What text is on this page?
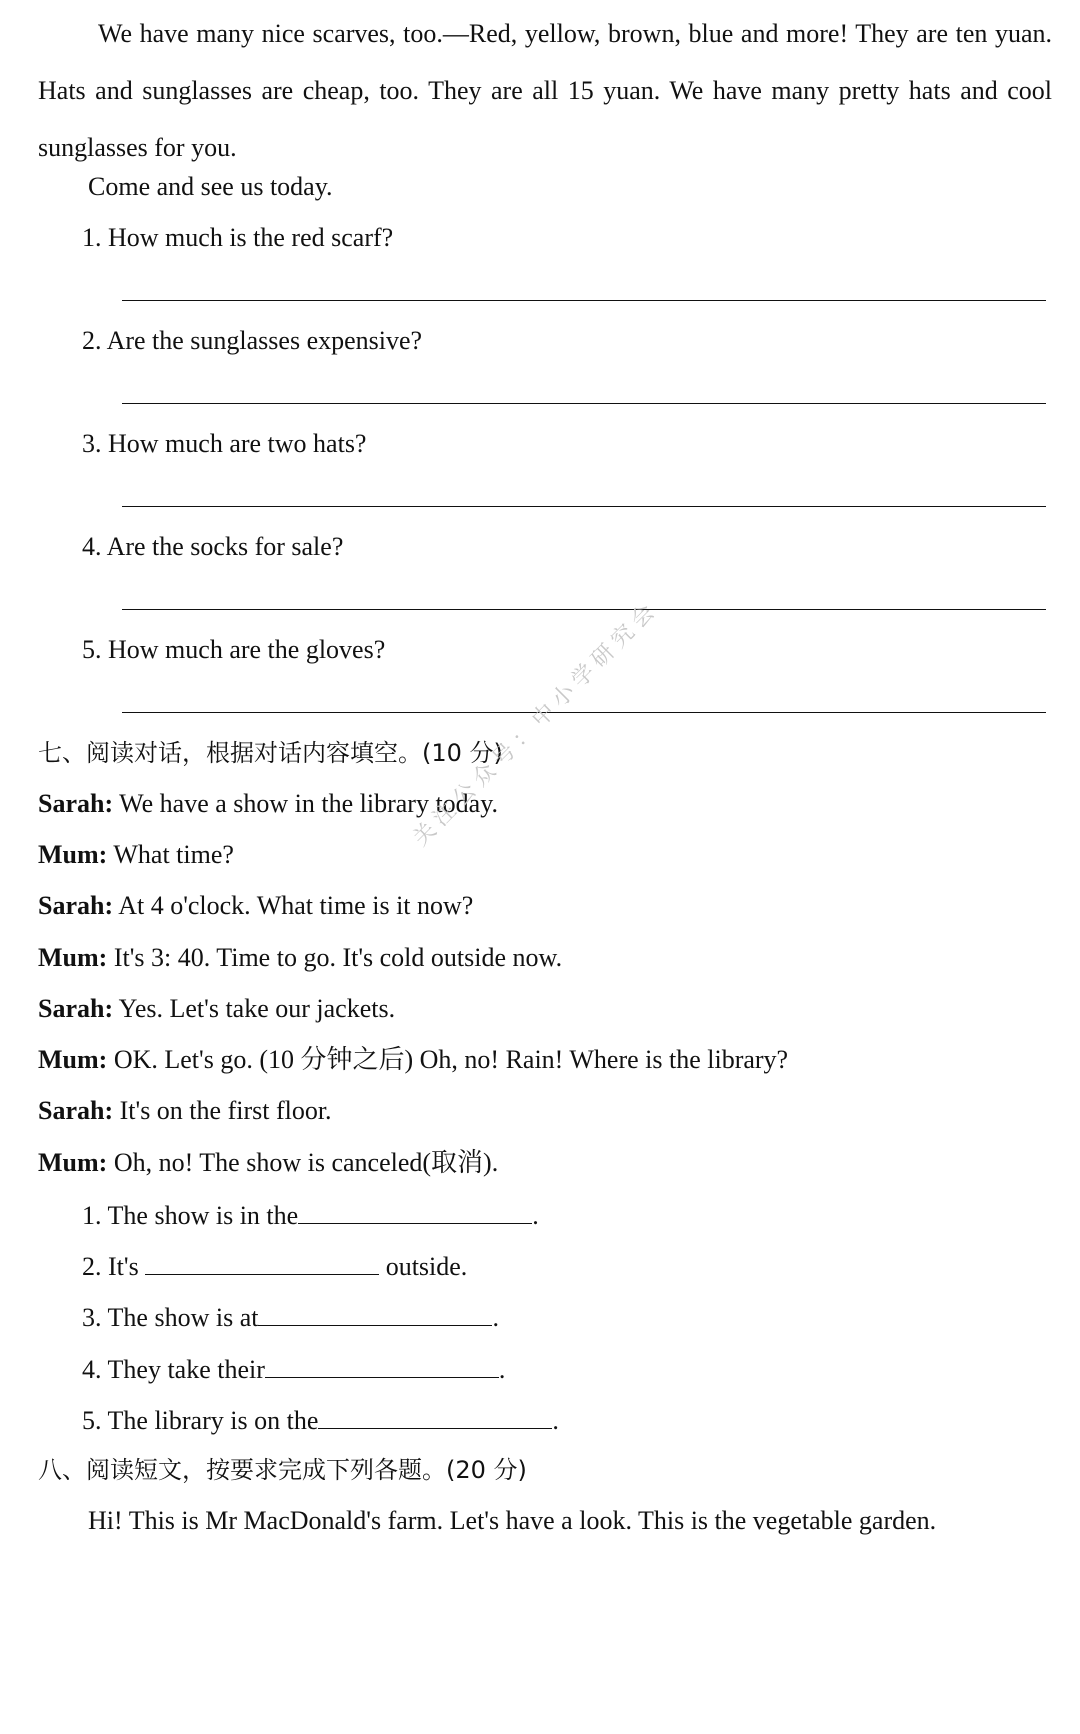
We have many nice scarves, too.—Red, yellow, brown, blue and more! They are ten yuan. Hats and sunglasses are cheap, too. They are all 15 yuan. We have many pretty hats and cool sunglasses for you.

Come and see us today.
1. How much is the red scarf?
2. Are the sunglasses expensive?
3. How much are two hats?
4. Are the socks for sale?
5. How much are the gloves?
七、阅读对话，根据对话内容填空。(10 分)
Sarah: We have a show in the library today.
Mum: What time?
Sarah: At 4 o'clock. What time is it now?
Mum: It's 3: 40. Time to go. It's cold outside now.
Sarah: Yes. Let's take our jackets.
Mum: OK. Let's go. (10 分钟之后) Oh, no! Rain! Where is the library?
Sarah: It's on the first floor.
Mum: Oh, no! The show is canceled(取消).
1. The show is in the	.
2. It's	outside.
3. The show is at	.
4. They take their	.
5. The library is on the	.
八、阅读短文，按要求完成下列各题。(20 分)
Hi! This is Mr MacDonald's farm. Let's have a look. This is the vegetable garden.
关注公众号：中小学研究会
